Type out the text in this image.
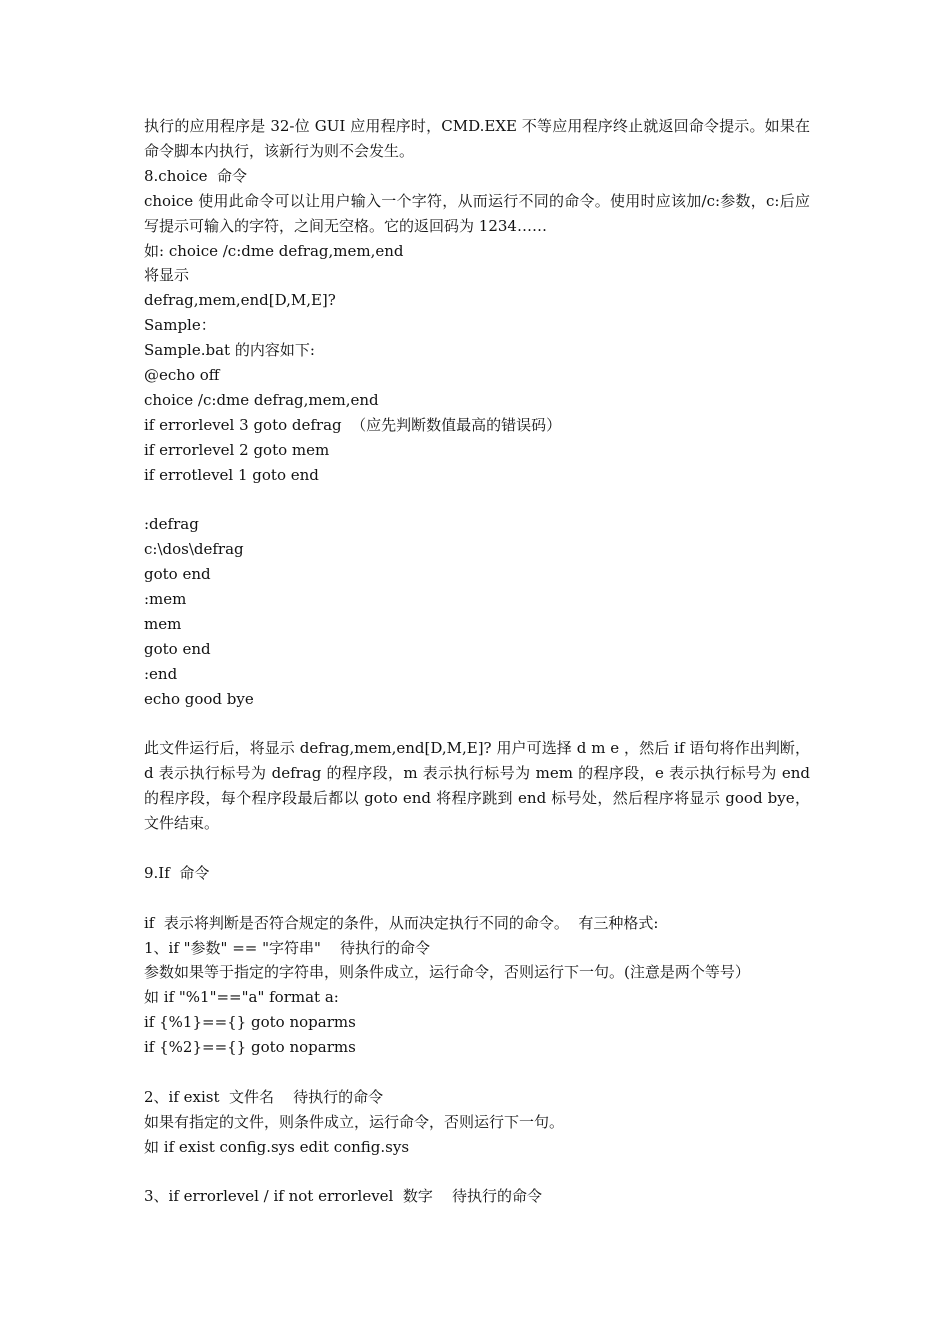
执行的应用程序是 32-位 GUI 应用程序时，CMD.EXE 不等应用程序终止就返回命令提示。如果在命令脚本内执行，该新行为则不会发生。
8.choice  命令
choice 使用此命令可以让用户输入一个字符，从而运行不同的命令。使用时应该加/c:参数，c:后应写提示可输入的字符，之间无空格。它的返回码为 1234……
如: choice /c:dme defrag,mem,end
将显示
defrag,mem,end[D,M,E]?
Sample：
Sample.bat 的内容如下:
@echo off
choice /c:dme defrag,mem,end
if errorlevel 3 goto defrag  （应先判断数值最高的错误码）
if errorlevel 2 goto mem
if errotlevel 1 goto end
:defrag
c:\dos\defrag
goto end
:mem
mem
goto end
:end
echo good bye
此文件运行后，将显示 defrag,mem,end[D,M,E]? 用户可选择 d m e ，然后 if 语句将作出判断，d 表示执行标号为 defrag 的程序段，m 表示执行标号为 mem 的程序段，e 表示执行标号为 end 的程序段，每个程序段最后都以 goto end 将程序跳到 end 标号处，然后程序将显示 good bye，文件结束。
9.If  命令
if  表示将判断是否符合规定的条件，从而决定执行不同的命令。  有三种格式:
1、if "参数" == "字符串"    待执行的命令
参数如果等于指定的字符串，则条件成立，运行命令，否则运行下一句。(注意是两个等号）
如 if "%1"=="a" format a:
if {%1}=={} goto noparms
if {%2}=={} goto noparms
2、if exist  文件名    待执行的命令
如果有指定的文件，则条件成立，运行命令，否则运行下一句。
如 if exist config.sys edit config.sys
3、if errorlevel / if not errorlevel  数字    待执行的命令
